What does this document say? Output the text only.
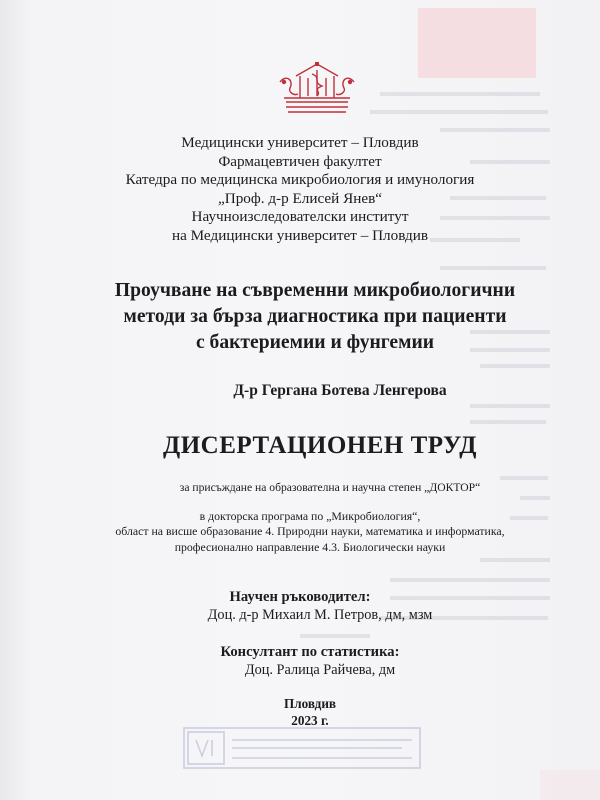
Медицински университет – Пловдив
Фармацевтичен факултет
Катедра по медицинска микробиология и имунология
„Проф. д-р Елисей Янев“
Научноизследователски институт
на Медицински университет – Пловдив
Проучване на съвременни микробиологични
методи за бърза диагностика при пациенти
с бактериемии и фунгемии
Д-р Гергана Ботева Ленгерова
ДИСЕРТАЦИОНЕН ТРУД
за присъждане на образователна и научна степен „ДОКТОР“
в докторска програма по „Микробиология“,
област на висше образование 4. Природни науки, математика и информатика,
професионално направление 4.3. Биологически науки
Научен ръководител:
Доц. д-р Михаил М. Петров, дм, мзм
Консултант по статистика:
Доц. Ралица Райчева, дм
Пловдив
2023 г.
